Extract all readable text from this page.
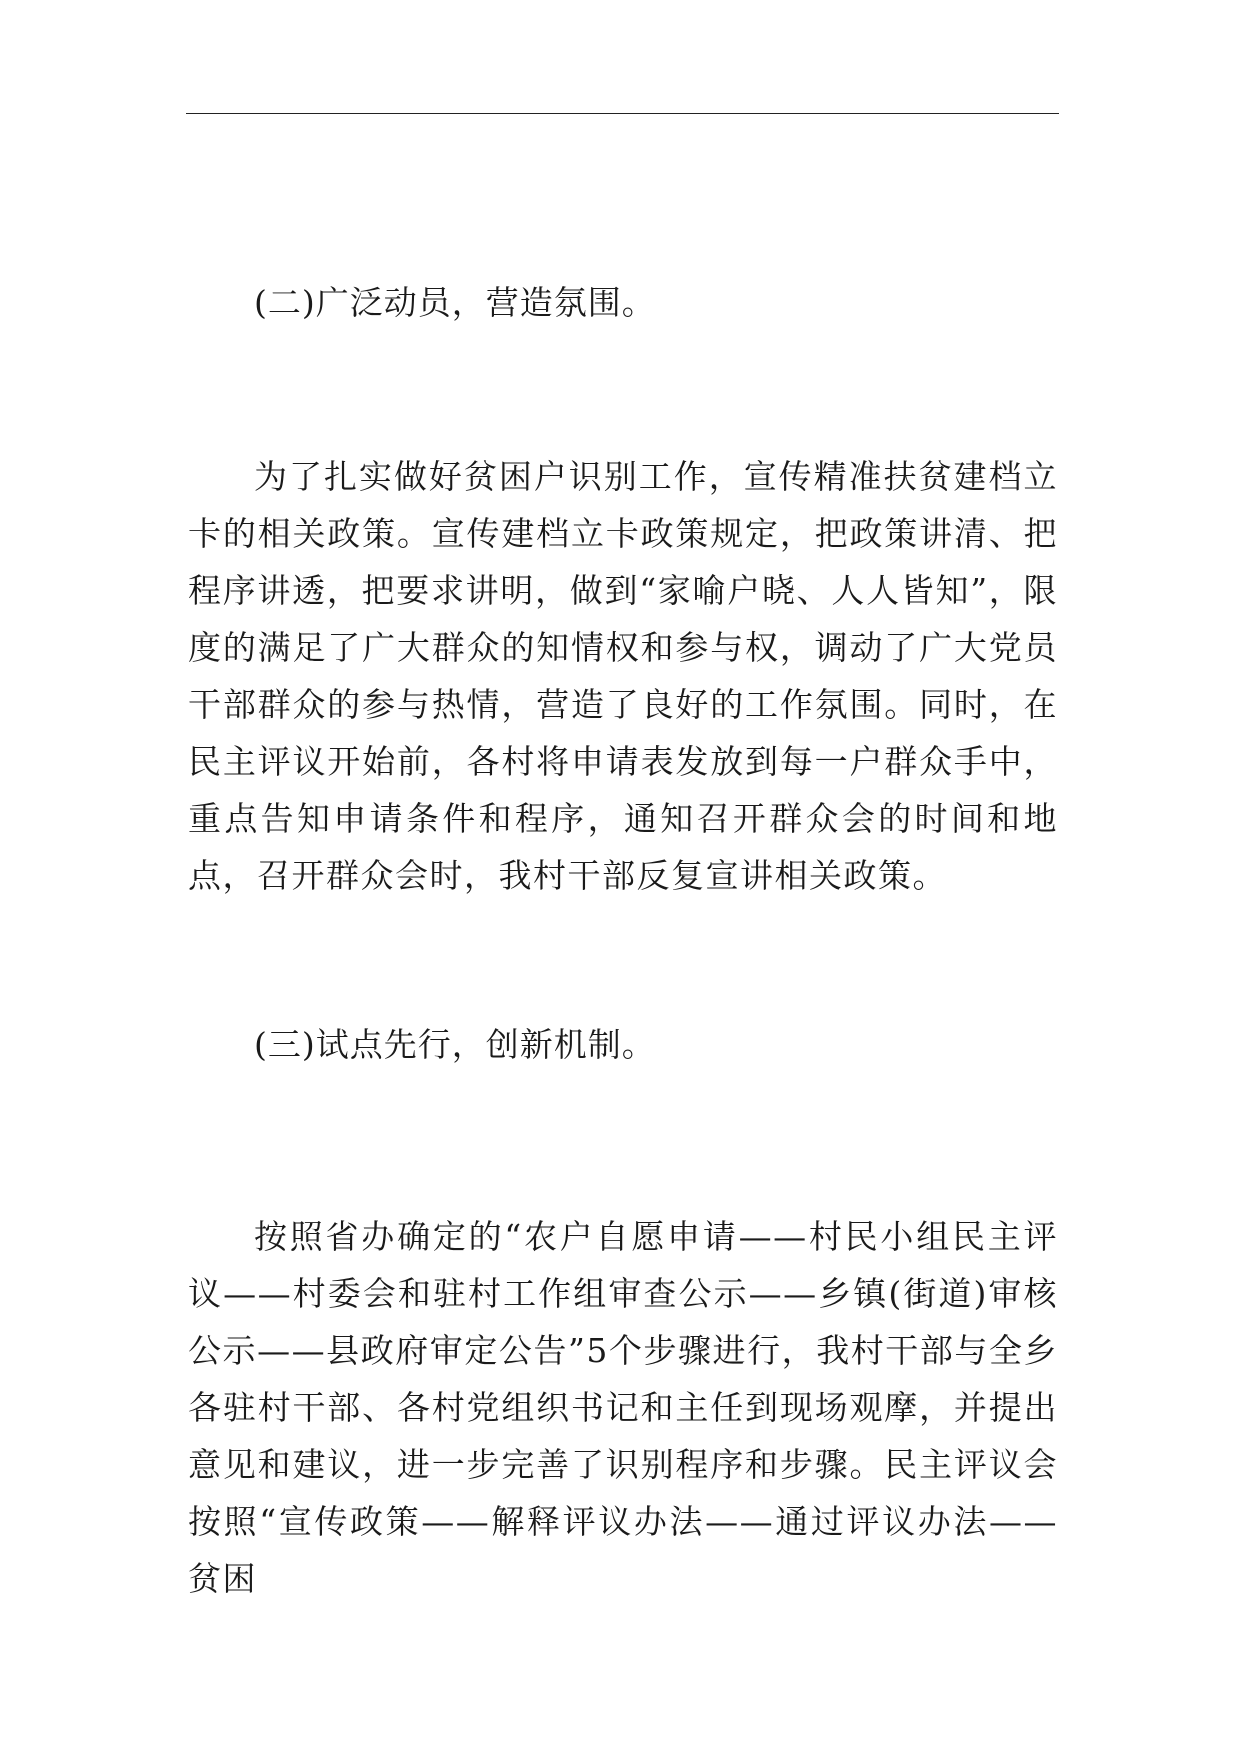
(二)广泛动员，营造氛围。

为了扎实做好贫困户识别工作，宣传精准扶贫建档立卡的相关政策。宣传建档立卡政策规定，把政策讲清、把程序讲透，把要求讲明，做到“家喻户晓、人人皆知”，限度的满足了广大群众的知情权和参与权，调动了广大党员干部群众的参与热情，营造了良好的工作氛围。同时，在民主评议开始前，各村将申请表发放到每一户群众手中，重点告知申请条件和程序，通知召开群众会的时间和地点，召开群众会时，我村干部反复宣讲相关政策。

(三)试点先行，创新机制。

按照省办确定的“农户自愿申请——村民小组民主评议——村委会和驻村工作组审查公示——乡镇(街道)审核公示——县政府审定公告”5个步骤进行，我村干部与全乡各驻村干部、各村党组织书记和主任到现场观摩，并提出意见和建议，进一步完善了识别程序和步骤。民主评议会按照“宣传政策——解释评议办法——通过评议办法——贫困
